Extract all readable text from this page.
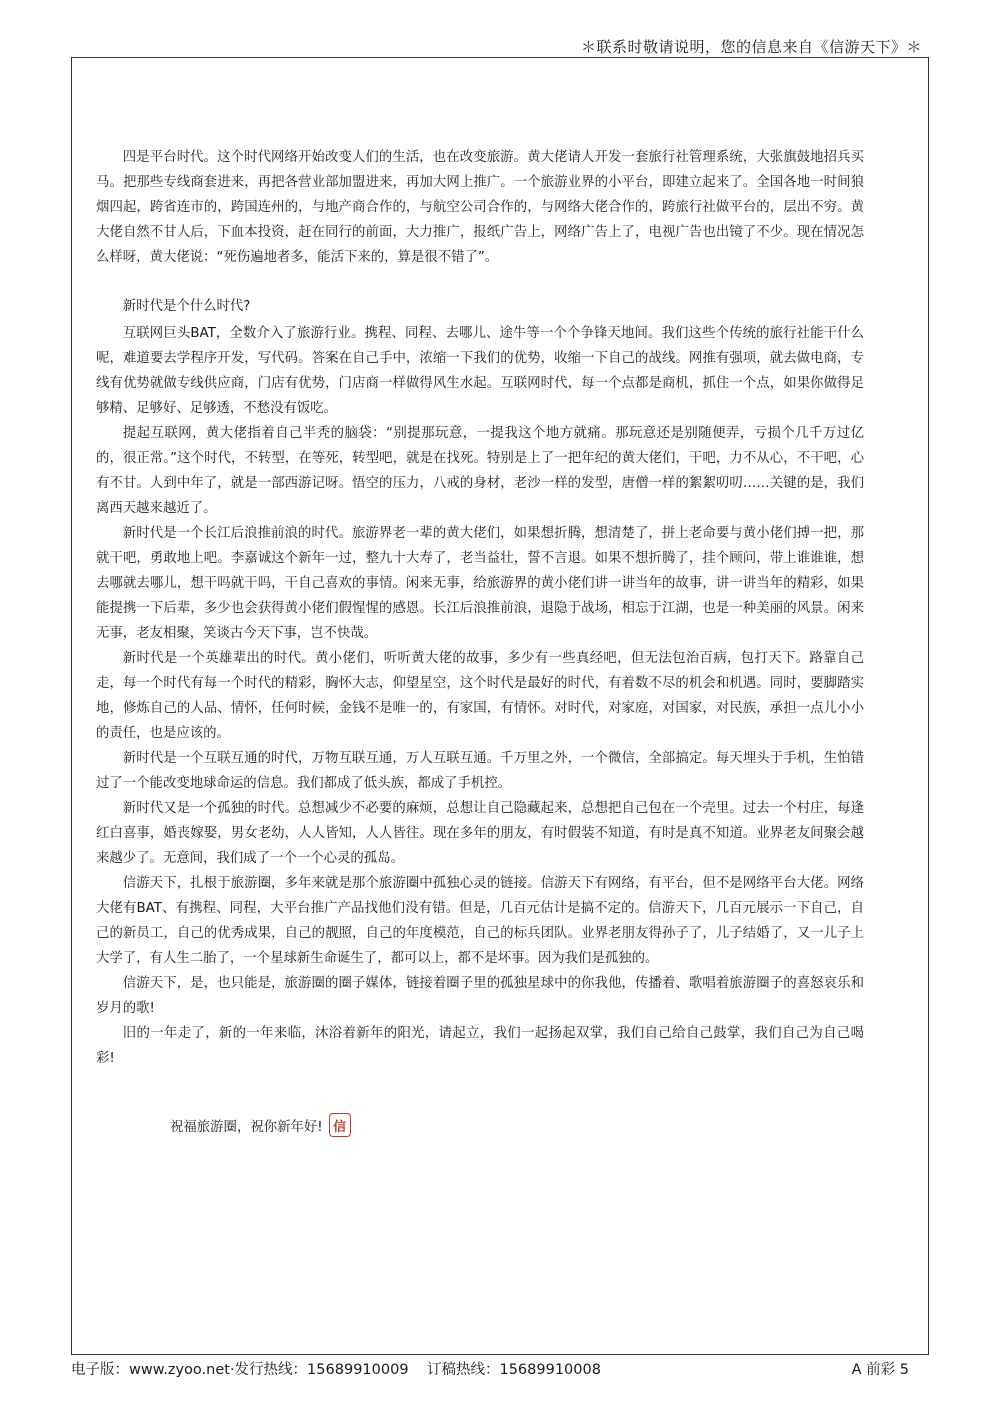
＊联系时敬请说明，您的信息来自《信游天下》＊

四是平台时代。这个时代网络开始改变人们的生活，也在改变旅游。黄大佬请人开发一套旅行社管理系统，大张旗鼓地招兵买马。把那些专线商套进来，再把各营业部加盟进来，再加大网上推广。一个旅游业界的小平台，即建立起来了。全国各地一时间狼烟四起，跨省连市的，跨国连州的，与地产商合作的，与航空公司合作的，与网络大佬合作的，跨旅行社做平台的，层出不穷。黄大佬自然不甘人后，下血本投资，赶在同行的前面，大力推广，报纸广告上，网络广告上了，电视广告也出镜了不少。现在情况怎么样呀，黄大佬说：“死伤遍地者多，能活下来的，算是很不错了”。

新时代是个什么时代?

互联网巨头BAT，全数介入了旅游行业。携程、同程、去哪儿、途牛等一个个争锋天地间。我们这些个传统的旅行社能干什么呢，难道要去学程序开发，写代码。答案在自己手中，浓缩一下我们的优势，收缩一下自己的战线。网推有强项，就去做电商，专线有优势就做专线供应商，门店有优势，门店商一样做得风生水起。互联网时代，每一个点都是商机，抓住一个点，如果你做得足够精、足够好、足够透，不愁没有饭吃。

提起互联网，黄大佬指着自己半秃的脑袋：“别提那玩意，一提我这个地方就痛。那玩意还是别随便弄，亏损个几千万过亿的，很正常。”这个时代，不转型，在等死，转型吧，就是在找死。特别是上了一把年纪的黄大佬们，干吧，力不从心，不干吧，心有不甘。人到中年了，就是一部西游记呀。悟空的压力，八戒的身材，老沙一样的发型，唐僧一样的絮絮叨叨……关键的是，我们离西天越来越近了。

新时代是一个长江后浪推前浪的时代。旅游界老一辈的黄大佬们，如果想折腾，想清楚了，拼上老命要与黄小佬们搏一把，那就干吧，勇敢地上吧。李嘉诚这个新年一过，整九十大寿了，老当益壮，誓不言退。如果不想折腾了，挂个顾问，带上谁谁谁，想去哪就去哪儿，想干吗就干吗，干自己喜欢的事情。闲来无事，给旅游界的黄小佬们讲一讲当年的故事，讲一讲当年的精彩，如果能提携一下后辈，多少也会获得黄小佬们假惺惺的感恩。长江后浪推前浪，退隐于战场，相忘于江湖，也是一种美丽的风景。闲来无事，老友相聚，笑谈古今天下事，岂不快哉。

新时代是一个英雄辈出的时代。黄小佬们，听听黄大佬的故事，多少有一些真经吧，但无法包治百病，包打天下。路靠自己走，每一个时代有每一个时代的精彩，胸怀大志，仰望星空，这个时代是最好的时代，有着数不尽的机会和机遇。同时，要脚踏实地，修炼自己的人品、情怀，任何时候，金钱不是唯一的，有家国，有情怀。对时代，对家庭，对国家，对民族，承担一点儿小小的责任，也是应该的。

新时代是一个互联互通的时代，万物互联互通，万人互联互通。千万里之外，一个微信，全部搞定。每天埋头于手机，生怕错过了一个能改变地球命运的信息。我们都成了低头族，都成了手机控。

新时代又是一个孤独的时代。总想减少不必要的麻烦，总想让自己隐藏起来，总想把自己包在一个壳里。过去一个村庄，每逢红白喜事，婚丧嫁娶，男女老幼，人人皆知，人人皆往。现在多年的朋友，有时假装不知道，有时是真不知道。业界老友间聚会越来越少了。无意间，我们成了一个一个心灵的孤岛。

信游天下，扎根于旅游圈，多年来就是那个旅游圈中孤独心灵的链接。信游天下有网络，有平台，但不是网络平台大佬。网络大佬有BAT、有携程、同程，大平台推广产品找他们没有错。但是，几百元估计是搞不定的。信游天下，几百元展示一下自己，自己的新员工，自己的优秀成果，自己的靓照，自己的年度模范，自己的标兵团队。业界老朋友得孙子了，儿子结婚了，又一儿子上大学了，有人生二胎了，一个星球新生命诞生了，都可以上，都不是坏事。因为我们是孤独的。

信游天下，是，也只能是，旅游圈的圈子媒体，链接着圈子里的孤独星球中的你我他，传播着、歌唱着旅游圈子的喜怒哀乐和岁月的歌!

旧的一年走了，新的一年来临，沐浴着新年的阳光，请起立，我们一起扬起双掌，我们自己给自己鼓掌，我们自己为自己喝彩!

祝福旅游圈，祝你新年好! 信
电子版：www.zyoo.net·发行热线：15689910009 订稿热线：15689910008	A 前彩 5
